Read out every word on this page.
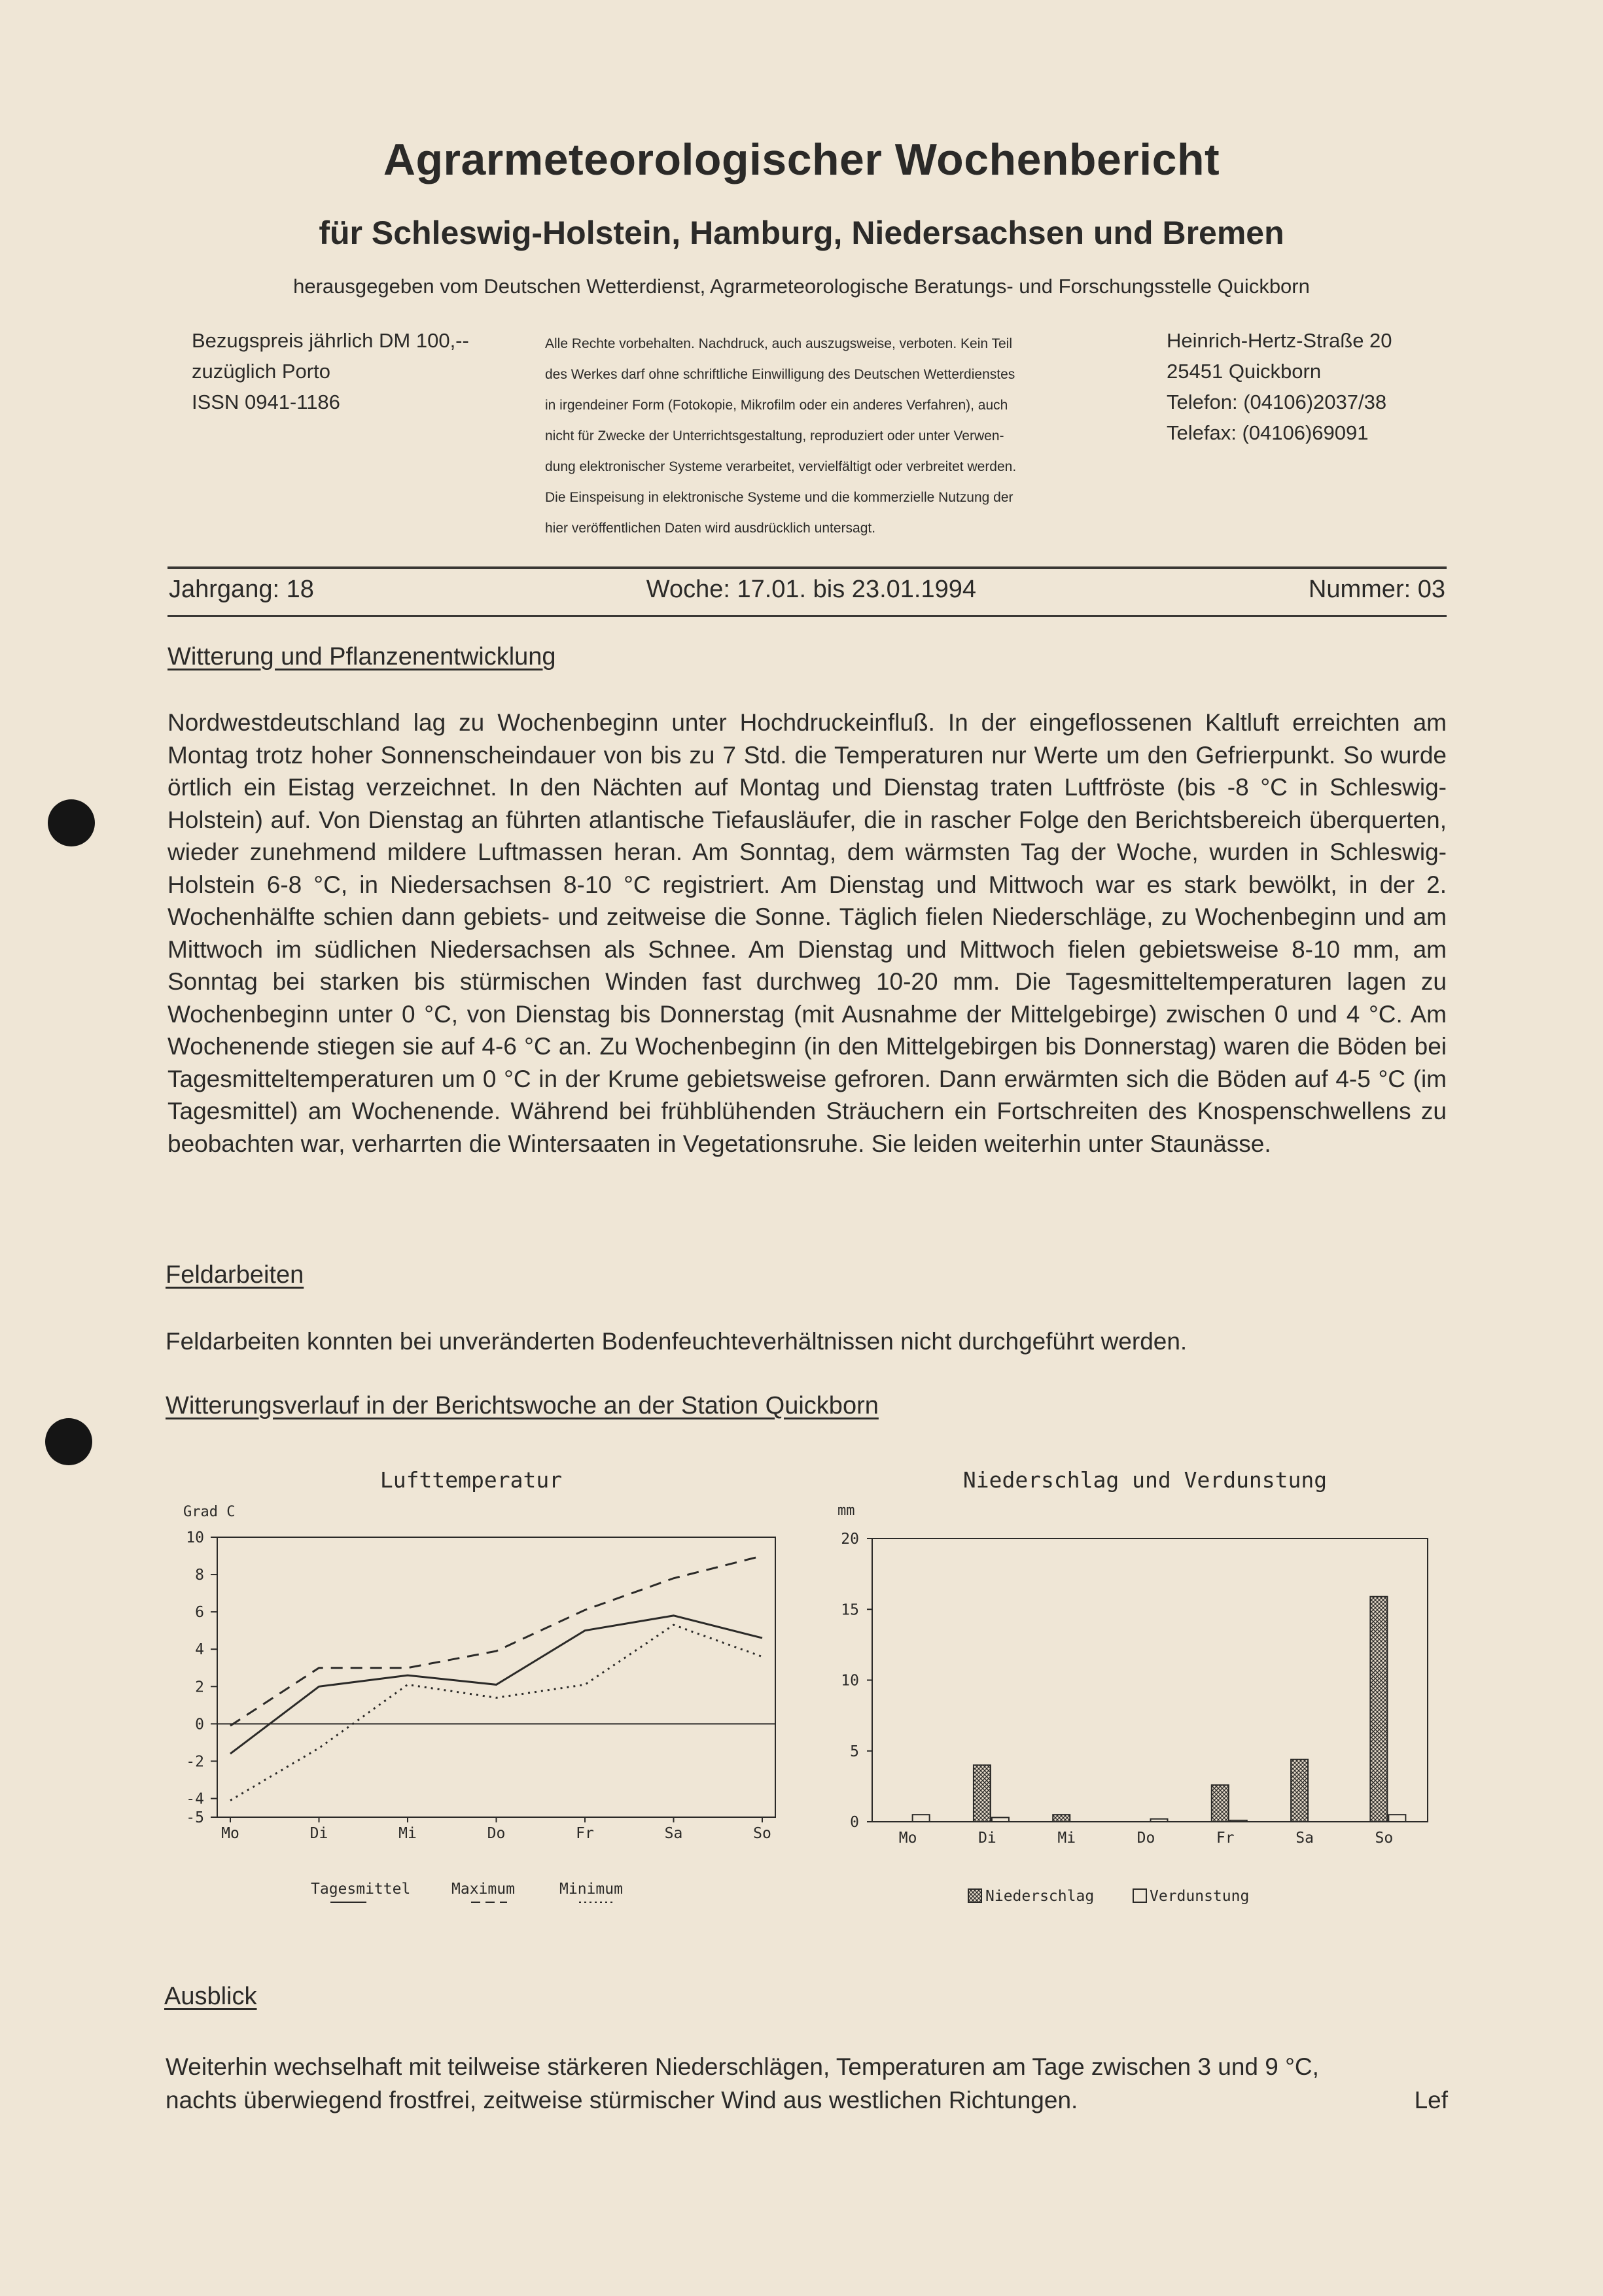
Agrarmeteorologischer Wochenbericht
für Schleswig-Holstein, Hamburg, Niedersachsen und Bremen
herausgegeben vom Deutschen Wetterdienst, Agrarmeteorologische Beratungs- und Forschungsstelle Quickborn
Bezugspreis jährlich DM 100,--
zuzüglich Porto
ISSN 0941-1186
Alle Rechte vorbehalten. Nachdruck, auch auszugsweise, verboten. Kein Teil
des Werkes darf ohne schriftliche Einwilligung des Deutschen Wetterdienstes
in irgendeiner Form (Fotokopie, Mikrofilm oder ein anderes Verfahren), auch
nicht für Zwecke der Unterrichtsgestaltung, reproduziert oder unter Verwen-
dung elektronischer Systeme verarbeitet, vervielfältigt oder verbreitet werden.
Die Einspeisung in elektronische Systeme und die kommerzielle Nutzung der
hier veröffentlichen Daten wird ausdrücklich untersagt.
Heinrich-Hertz-Straße 20
25451 Quickborn
Telefon: (04106)2037/38
Telefax: (04106)69091
Jahrgang: 18	Woche: 17.01. bis 23.01.1994	Nummer: 03
Witterung und Pflanzenentwicklung

Nordwestdeutschland lag zu Wochenbeginn unter Hochdruckeinfluß. In der eingeflossenen Kaltluft erreichten am Montag trotz hoher Sonnenscheindauer von bis zu 7 Std. die Temperaturen nur Werte um den Gefrierpunkt. So wurde örtlich ein Eistag verzeichnet. In den Nächten auf Montag und Dienstag traten Luftfröste (bis -8 °C in Schleswig-Holstein) auf. Von Dienstag an führten atlantische Tiefausläufer, die in rascher Folge den Berichtsbereich überquerten, wieder zunehmend mildere Luftmassen heran. Am Sonntag, dem wärmsten Tag der Woche, wurden in Schleswig-Holstein 6-8 °C, in Niedersachsen 8-10 °C registriert. Am Dienstag und Mittwoch war es stark bewölkt, in der 2. Wochenhälfte schien dann gebiets- und zeitweise die Sonne. Täglich fielen Niederschläge, zu Wochenbeginn und am Mittwoch im südlichen Niedersachsen als Schnee. Am Dienstag und Mittwoch fielen gebietsweise 8-10 mm, am Sonntag bei starken bis stürmischen Winden fast durchweg 10-20 mm. Die Tagesmitteltemperaturen lagen zu Wochenbeginn unter 0 °C, von Dienstag bis Donnerstag (mit Ausnahme der Mittelgebirge) zwischen 0 und 4 °C. Am Wochenende stiegen sie auf 4-6 °C an. Zu Wochenbeginn (in den Mittelgebirgen bis Donnerstag) waren die Böden bei Tagesmitteltemperaturen um 0 °C in der Krume gebietsweise gefroren. Dann erwärmten sich die Böden auf 4-5 °C (im Tagesmittel) am Wochenende. Während bei frühblühenden Sträuchern ein Fortschreiten des Knospenschwellens zu beobachten war, verharrten die Wintersaaten in Vegetationsruhe. Sie leiden weiterhin unter Staunässe.

Feldarbeiten
Feldarbeiten konnten bei unveränderten Bodenfeuchteverhältnissen nicht durchgeführt werden.
Witterungsverlauf in der Berichtswoche an der Station Quickborn
Lufttemperatur
Grad C
10
8
6
4
2
0
-2
-4
-5
Mo	Di	Mi	Do	Fr	Sa	So
Tagesmittel	Maximum	Minimum
Niederschlag und Verdunstung
mm
20
15
10
5
0
Mo	Di	Mi	Do	Fr	Sa	So
Niederschlag	Verdunstung
Ausblick
Weiterhin wechselhaft mit teilweise stärkeren Niederschlägen, Temperaturen am Tage zwischen 3 und 9 °C,
nachts überwiegend frostfrei, zeitweise stürmischer Wind aus westlichen Richtungen.	Lef
